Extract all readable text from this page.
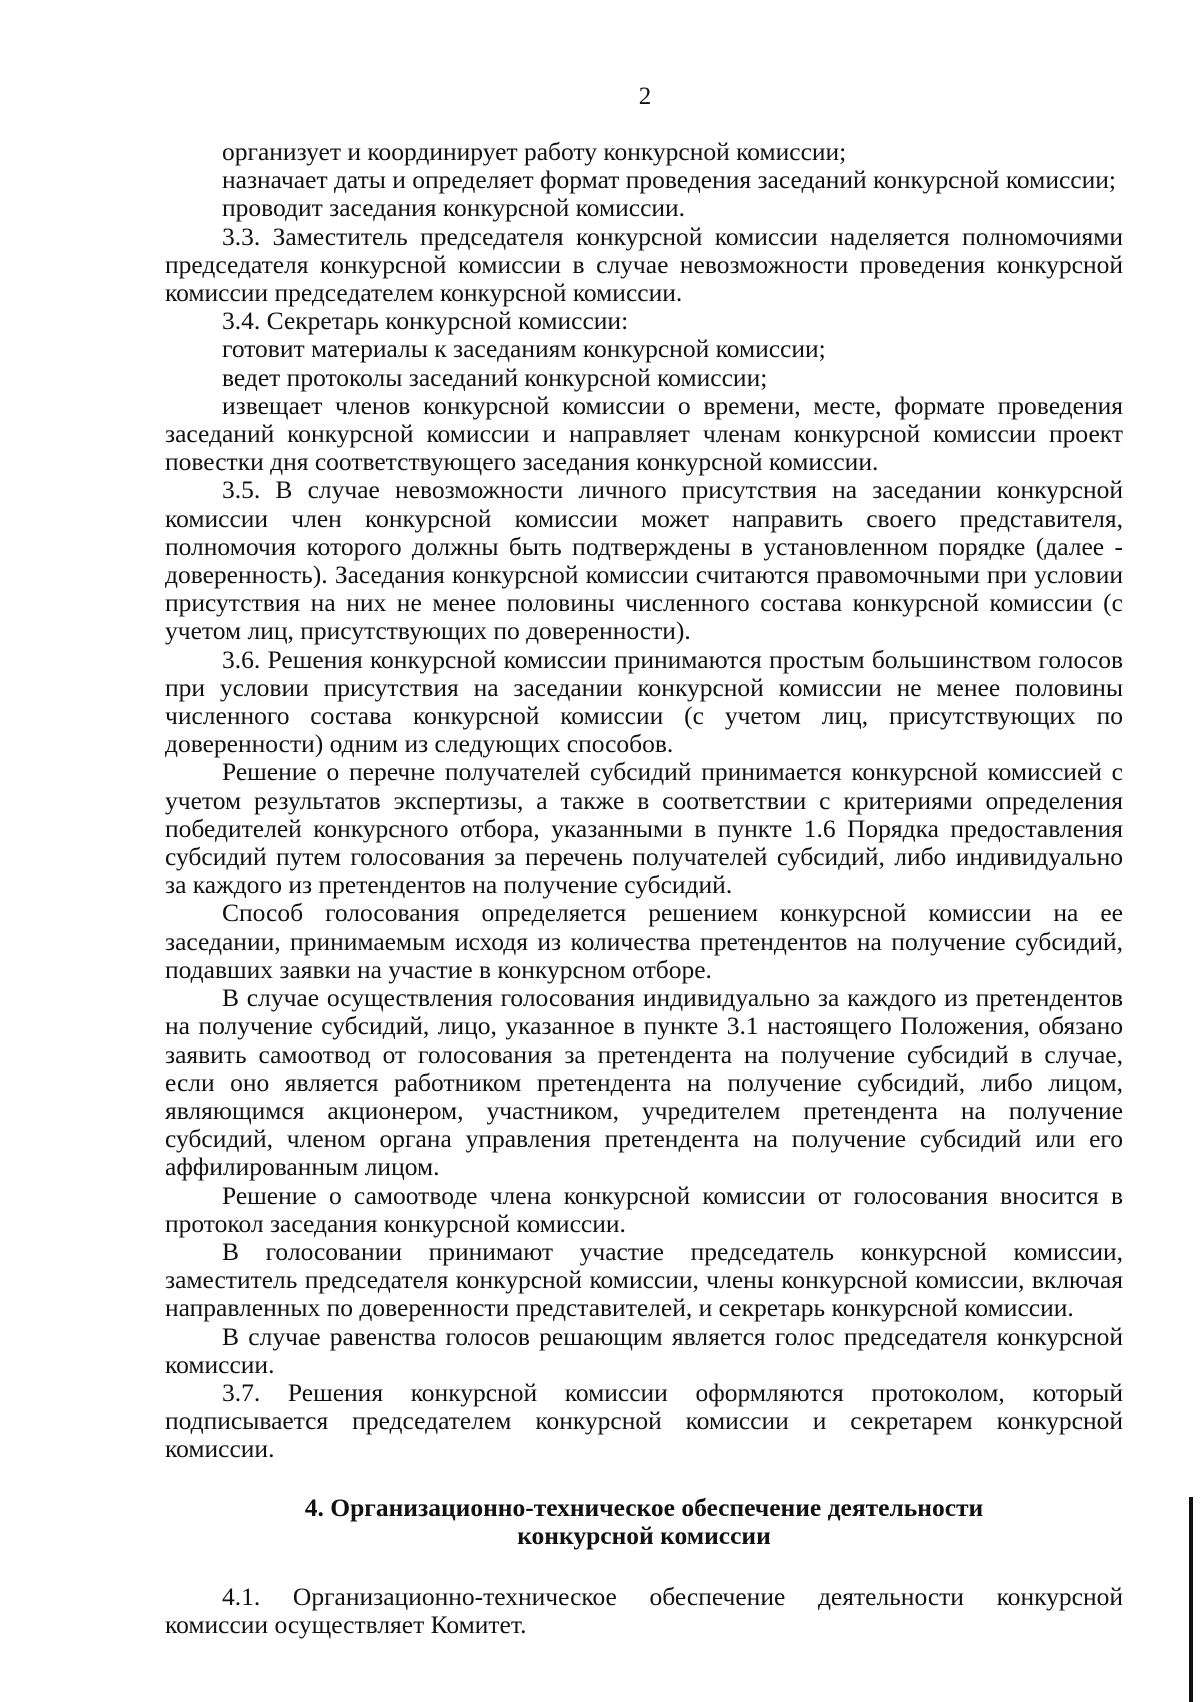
2

организует и координирует работу конкурсной комиссии;

назначает даты и определяет формат проведения заседаний конкурсной комиссии;

проводит заседания конкурсной комиссии.

3.3. Заместитель председателя конкурсной комиссии наделяется полномочиями председателя конкурсной комиссии в случае невозможности проведения конкурсной комиссии председателем конкурсной комиссии.

3.4. Секретарь конкурсной комиссии:

готовит материалы к заседаниям конкурсной комиссии;

ведет протоколы заседаний конкурсной комиссии;

извещает членов конкурсной комиссии о времени, месте, формате проведения заседаний конкурсной комиссии и направляет членам конкурсной комиссии проект повестки дня соответствующего заседания конкурсной комиссии.

3.5. В случае невозможности личного присутствия на заседании конкурсной комиссии член конкурсной комиссии может направить своего представителя, полномочия которого должны быть подтверждены в установленном порядке (далее - доверенность). Заседания конкурсной комиссии считаются правомочными при условии присутствия на них не менее половины численного состава конкурсной комиссии (с учетом лиц, присутствующих по доверенности).

3.6. Решения конкурсной комиссии принимаются простым большинством голосов при условии присутствия на заседании конкурсной комиссии не менее половины численного состава конкурсной комиссии (с учетом лиц, присутствующих по доверенности) одним из следующих способов.

Решение о перечне получателей субсидий принимается конкурсной комиссией с учетом результатов экспертизы, а также в соответствии с критериями определения победителей конкурсного отбора, указанными в пункте 1.6 Порядка предоставления субсидий путем голосования за перечень получателей субсидий, либо индивидуально за каждого из претендентов на получение субсидий.

Способ голосования определяется решением конкурсной комиссии на ее заседании, принимаемым исходя из количества претендентов на получение субсидий, подавших заявки на участие в конкурсном отборе.

В случае осуществления голосования индивидуально за каждого из претендентов на получение субсидий, лицо, указанное в пункте 3.1 настоящего Положения, обязано заявить самоотвод от голосования за претендента на получение субсидий в случае, если оно является работником претендента на получение субсидий, либо лицом, являющимся акционером, участником, учредителем претендента на получение субсидий, членом органа управления претендента на получение субсидий или его аффилированным лицом.

Решение о самоотводе члена конкурсной комиссии от голосования вносится в протокол заседания конкурсной комиссии.

В голосовании принимают участие председатель конкурсной комиссии, заместитель председателя конкурсной комиссии, члены конкурсной комиссии, включая направленных по доверенности представителей, и секретарь конкурсной комиссии.

В случае равенства голосов решающим является голос председателя конкурсной комиссии.

3.7. Решения конкурсной комиссии оформляются протоколом, который подписывается председателем конкурсной комиссии и секретарем конкурсной комиссии.

4. Организационно-техническое обеспечение деятельности
конкурсной комиссии

4.1. Организационно-техническое обеспечение деятельности конкурсной комиссии осуществляет Комитет.
